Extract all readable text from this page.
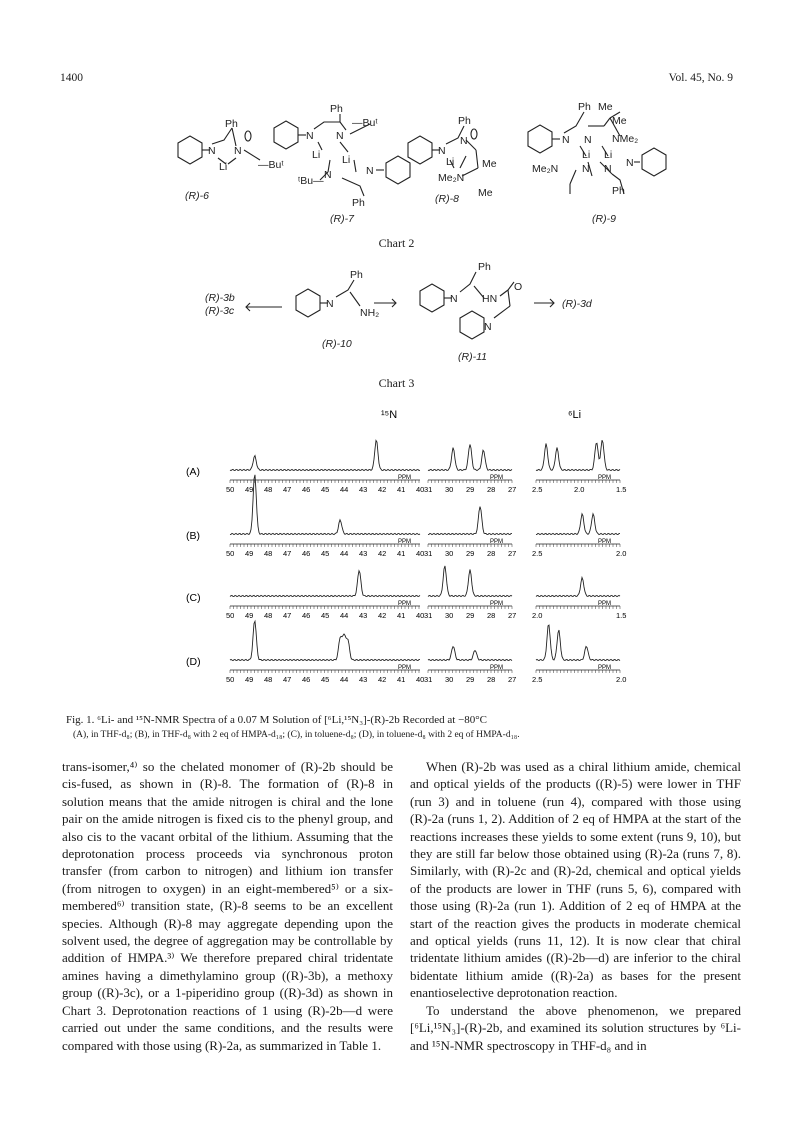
1400	Vol. 45, No. 9
Ph
N
Li
N
—Buᵗ
Ph
N N
—Buᵗ
Li Li
ᵗBu— N	N
Ph
Ph
N
N
Li	Me
Me₂N
Me
Ph Me
Me
NMe₂
N N
Li Li
Me₂N N N N
Ph
(R)-6
(R)-7
(R)-8
(R)-9
Chart 2
Ph
N
NH₂
Ph
N HN
O
N
(R)-3b
(R)-3c
(R)-10
(R)-11
(R)-3d
Chart 3
¹⁵N	⁶Li
(A)	PPM
50 49 48 47 46 45 44 43 42 41 40
PPM
31 30 29 28 27
PPM
2.5	2.0	1.5
(B)	PPM
50 49 48 47 46 45 44 43 42 41 40
PPM
31 30 29 28 27
PPM
2.5	2.0
(C)	PPM
50 49 48 47 46 45 44 43 42 41 40
PPM
31 30 29 28 27
PPM
2.0	1.5
(D)	PPM
50 49 48 47 46 45 44 43 42 41 40
PPM
31 30 29 28 27
PPM
2.5	2.0
Fig. 1. ⁶Li- and ¹⁵N-NMR Spectra of a 0.07 M Solution of [⁶Li,¹⁵N₃]-(R)-2b Recorded at −80°C
(A), in THF-d₈; (B), in THF-d₈ with 2 eq of HMPA-d₁₈; (C), in toluene-d₈; (D), in toluene-d₈ with 2 eq of HMPA-d₁₈.

trans-isomer,⁴⁾ so the chelated monomer of (R)-2b should be cis-fused, as shown in (R)-8. The formation of (R)-8 in solution means that the amide nitrogen is chiral and the lone pair on the amide nitrogen is fixed cis to the phenyl group, and also cis to the vacant orbital of the lithium. Assuming that the deprotonation process proceeds via synchronous proton transfer (from carbon to nitrogen) and lithium ion transfer (from nitrogen to oxygen) in an eight-membered⁵⁾ or a six-membered⁶⁾ transition state, (R)-8 seems to be an excellent species. Although (R)-8 may aggregate depending upon the solvent used, the degree of aggregation may be controllable by addition of HMPA.³⁾ We therefore prepared chiral tridentate amines having a dimethylamino group ((R)-3b), a methoxy group ((R)-3c), or a 1-piperidino group ((R)-3d) as shown in Chart 3. Deprotonation reactions of 1 using (R)-2b—d were carried out under the same conditions, and the results were compared with those using (R)-2a, as summarized in Table 1.

When (R)-2b was used as a chiral lithium amide, chemical and optical yields of the products ((R)-5) were lower in THF (run 3) and in toluene (run 4), compared with those using (R)-2a (runs 1, 2). Addition of 2 eq of HMPA at the start of the reactions increases these yields to some extent (runs 9, 10), but they are still far below those obtained using (R)-2a (runs 7, 8). Similarly, with (R)-2c and (R)-2d, chemical and optical yields of the products are lower in THF (runs 5, 6), compared with those using (R)-2a (run 1). Addition of 2 eq of HMPA at the start of the reaction gives the products in moderate chemical and optical yields (runs 11, 12). It is now clear that chiral tridentate lithium amides ((R)-2b—d) are inferior to the chiral bidentate lithium amide ((R)-2a) as bases for the present enantioselective deprotonation reaction.

To understand the above phenomenon, we prepared [⁶Li,¹⁵N₃]-(R)-2b, and examined its solution structures by ⁶Li- and ¹⁵N-NMR spectroscopy in THF-d₈ and in
